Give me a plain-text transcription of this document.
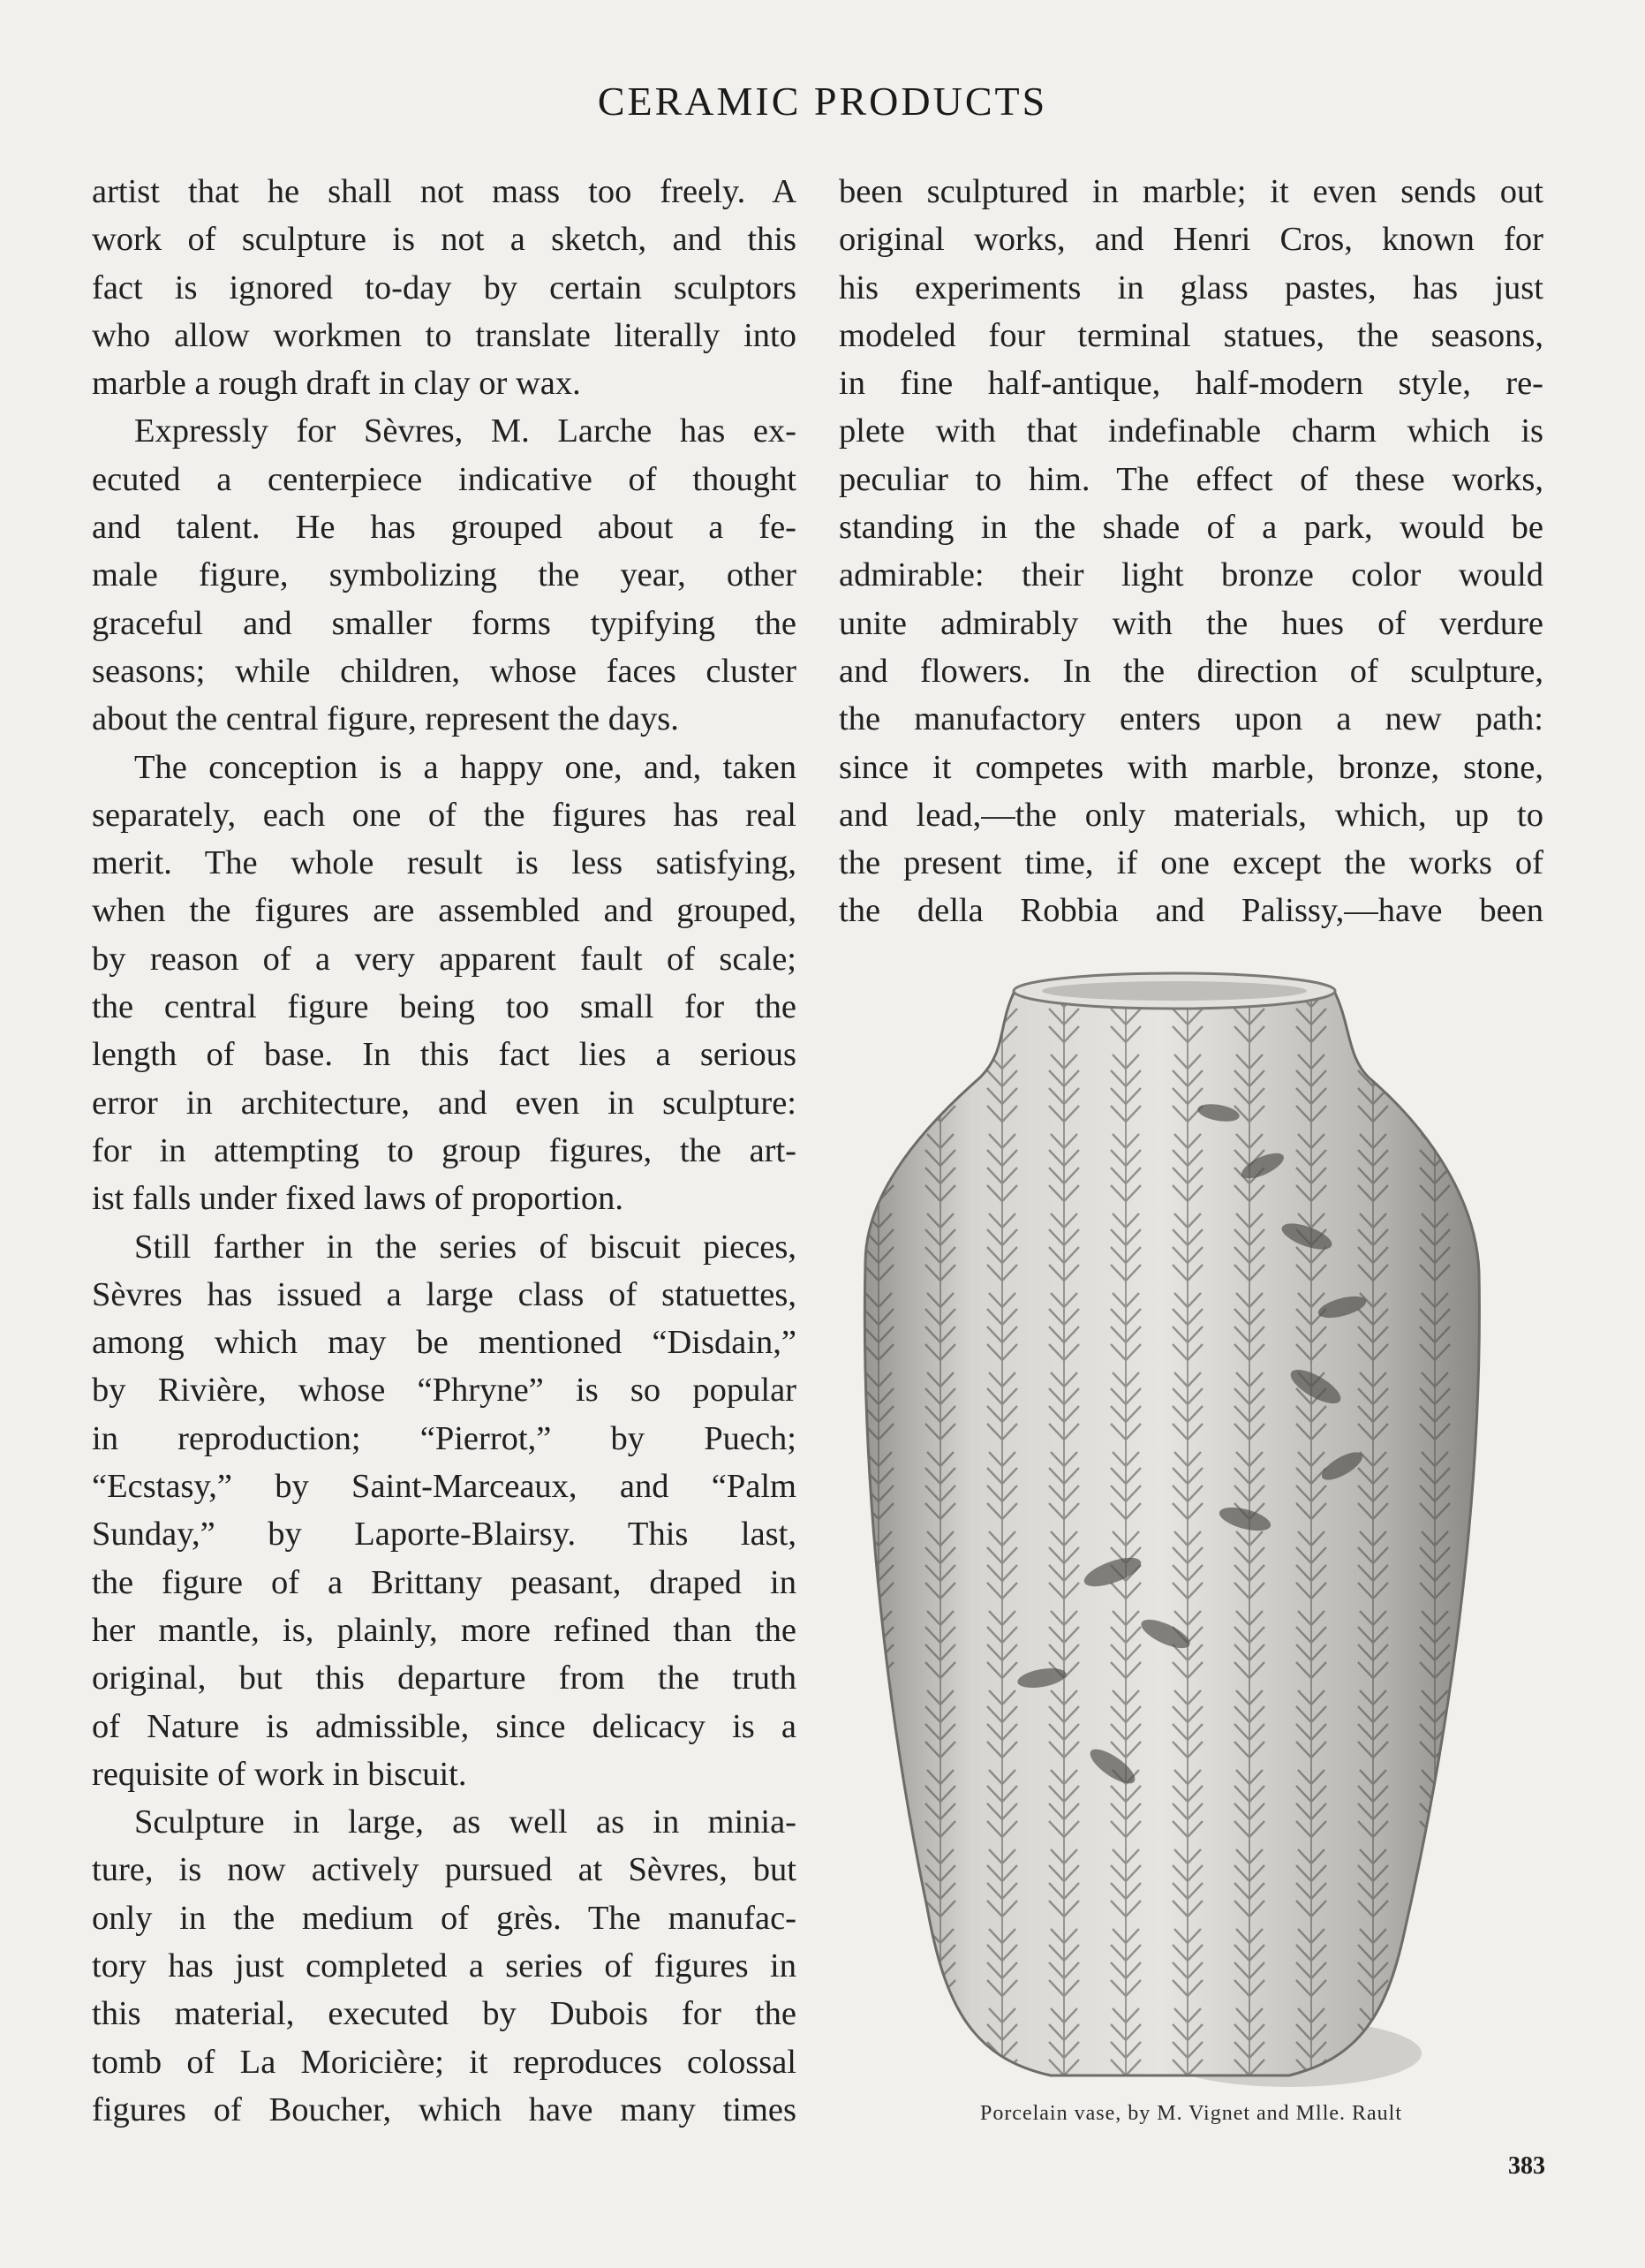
CERAMIC PRODUCTS
artist that he shall not mass too freely. A
work of sculpture is not a sketch, and this
fact is ignored to-day by certain sculptors
who allow workmen to translate literally into
marble a rough draft in clay or wax.
Expressly for Sèvres, M. Larche has ex-
ecuted a centerpiece indicative of thought
and talent. He has grouped about a fe-
male figure, symbolizing the year, other
graceful and smaller forms typifying the
seasons; while children, whose faces cluster
about the central figure, represent the days.
The conception is a happy one, and, taken
separately, each one of the figures has real
merit. The whole result is less satisfying,
when the figures are assembled and grouped,
by reason of a very apparent fault of scale;
the central figure being too small for the
length of base. In this fact lies a serious
error in architecture, and even in sculpture:
for in attempting to group figures, the art-
ist falls under fixed laws of proportion.
Still farther in the series of biscuit pieces,
Sèvres has issued a large class of statuettes,
among which may be mentioned “Disdain,”
by Rivière, whose “Phryne” is so popular
in reproduction; “Pierrot,” by Puech;
“Ecstasy,” by Saint-Marceaux, and “Palm
Sunday,” by Laporte-Blairsy. This last,
the figure of a Brittany peasant, draped in
her mantle, is, plainly, more refined than the
original, but this departure from the truth
of Nature is admissible, since delicacy is a
requisite of work in biscuit.
Sculpture in large, as well as in minia-
ture, is now actively pursued at Sèvres, but
only in the medium of grès. The manufac-
tory has just completed a series of figures in
this material, executed by Dubois for the
tomb of La Moricière; it reproduces colossal
figures of Boucher, which have many times
been sculptured in marble; it even sends out
original works, and Henri Cros, known for
his experiments in glass pastes, has just
modeled four terminal statues, the seasons,
in fine half-antique, half-modern style, re-
plete with that indefinable charm which is
peculiar to him. The effect of these works,
standing in the shade of a park, would be
admirable: their light bronze color would
unite admirably with the hues of verdure
and flowers. In the direction of sculpture,
the manufactory enters upon a new path:
since it competes with marble, bronze, stone,
and lead,—the only materials, which, up to
the present time, if one except the works of
the della Robbia and Palissy,—have been
Porcelain vase, by M. Vignet and Mlle. Rault
383
